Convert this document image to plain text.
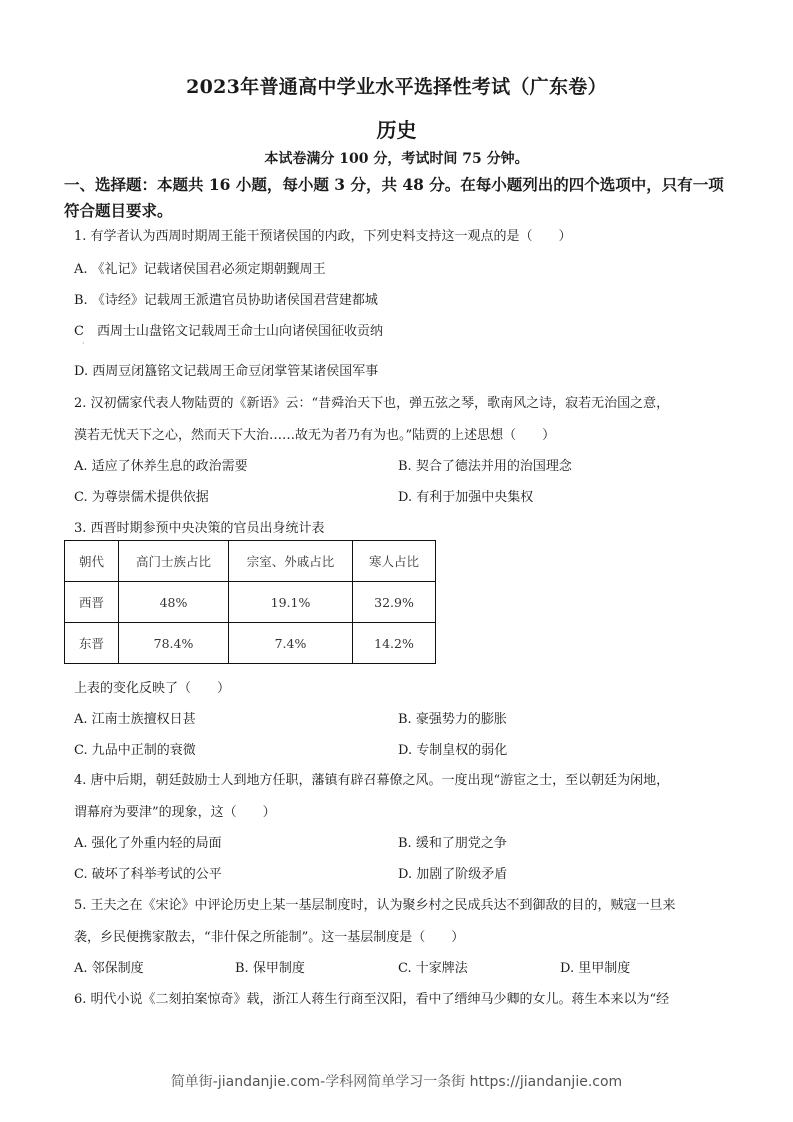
2023年普通高中学业水平选择性考试（广东卷）
历史
本试卷满分 100 分，考试时间 75 分钟。
一、选择题：本题共 16 小题，每小题 3 分，共 48 分。在每小题列出的四个选项中，只有一项符合题目要求。
1. 有学者认为西周时期周王能干预诸侯国的内政，下列史料支持这一观点的是（　　）
A. 《礼记》记载诸侯国君必须定期朝觐周王
B. 《诗经》记载周王派遣官员协助诸侯国君营建都城
C　西周士山盘铭文记载周王命士山向诸侯国征收贡纳
·
D. 西周豆闭簋铭文记载周王命豆闭掌管某诸侯国军事
2. 汉初儒家代表人物陆贾的《新语》云：“昔舜治天下也，弹五弦之琴，歌南风之诗，寂若无治国之意，
漠若无忧天下之心，然而天下大治……故无为者乃有为也。”陆贾的上述思想（　　）
A. 适应了休养生息的政治需要	B. 契合了德法并用的治国理念
C. 为尊崇儒术提供依据	D. 有利于加强中央集权
3. 西晋时期参预中央决策的官员出身统计表
朝代	高门士族占比	宗室、外戚占比	寒人占比
西晋	48%	19.1%	32.9%
东晋	78.4%	7.4%	14.2%
上表的变化反映了（　　）
A. 江南士族擅权日甚	B. 豪强势力的膨胀
C. 九品中正制的衰微	D. 专制皇权的弱化
4. 唐中后期，朝廷鼓励士人到地方任职，藩镇有辟召幕僚之风。一度出现“游宦之士，至以朝廷为闲地，
谓幕府为要津”的现象，这（　　）
A. 强化了外重内轻的局面	B. 缓和了朋党之争
C. 破坏了科举考试的公平	D. 加剧了阶级矛盾
5. 王夫之在《宋论》中评论历史上某一基层制度时，认为聚乡村之民成兵达不到御敌的目的，贼寇一旦来
袭，乡民便携家散去，“非什保之所能制”。这一基层制度是（　　）
A. 邻保制度	B. 保甲制度	C. 十家牌法	D. 里甲制度
6. 明代小说《二刻拍案惊奇》载，浙江人蒋生行商至汉阳，看中了缙绅马少卿的女儿。蒋生本来以为“经
简单街-jiandanjie.com-学科网简单学习一条街 https://jiandanjie.com
